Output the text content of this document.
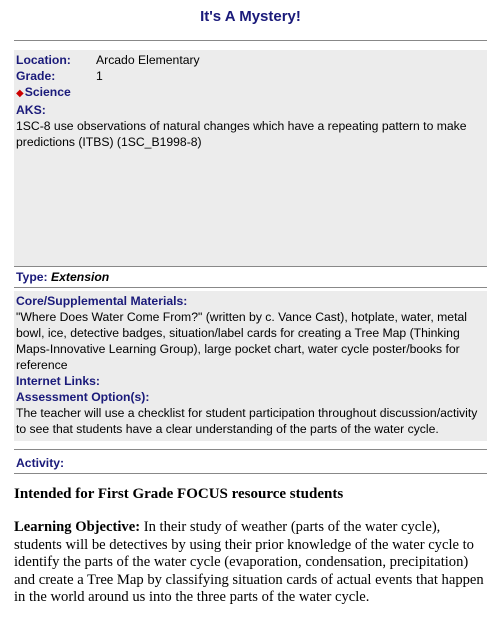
It's A Mystery!
Location:	Arcado Elementary
Grade:	1
◆Science
AKS:
1SC-8 use observations of natural changes which have a repeating pattern to make predictions (ITBS) (1SC_B1998-8)
Type: Extension
Core/Supplemental Materials:
"Where Does Water Come From?" (written by c. Vance Cast), hotplate, water, metal bowl, ice, detective badges, situation/label cards for creating a Tree Map (Thinking Maps-Innovative Learning Group), large pocket chart, water cycle poster/books for reference
Internet Links:
Assessment Option(s):
The teacher will use a checklist for student participation throughout discussion/activity to see that students have a clear understanding of the parts of the water cycle.
Activity:
Intended for First Grade FOCUS resource students
Learning Objective: In their study of weather (parts of the water cycle), students will be detectives by using their prior knowledge of the water cycle to identify the parts of the water cycle (evaporation, condensation, precipitation) and create a Tree Map by classifying situation cards of actual events that happen in the world around us into the three parts of the water cycle.
